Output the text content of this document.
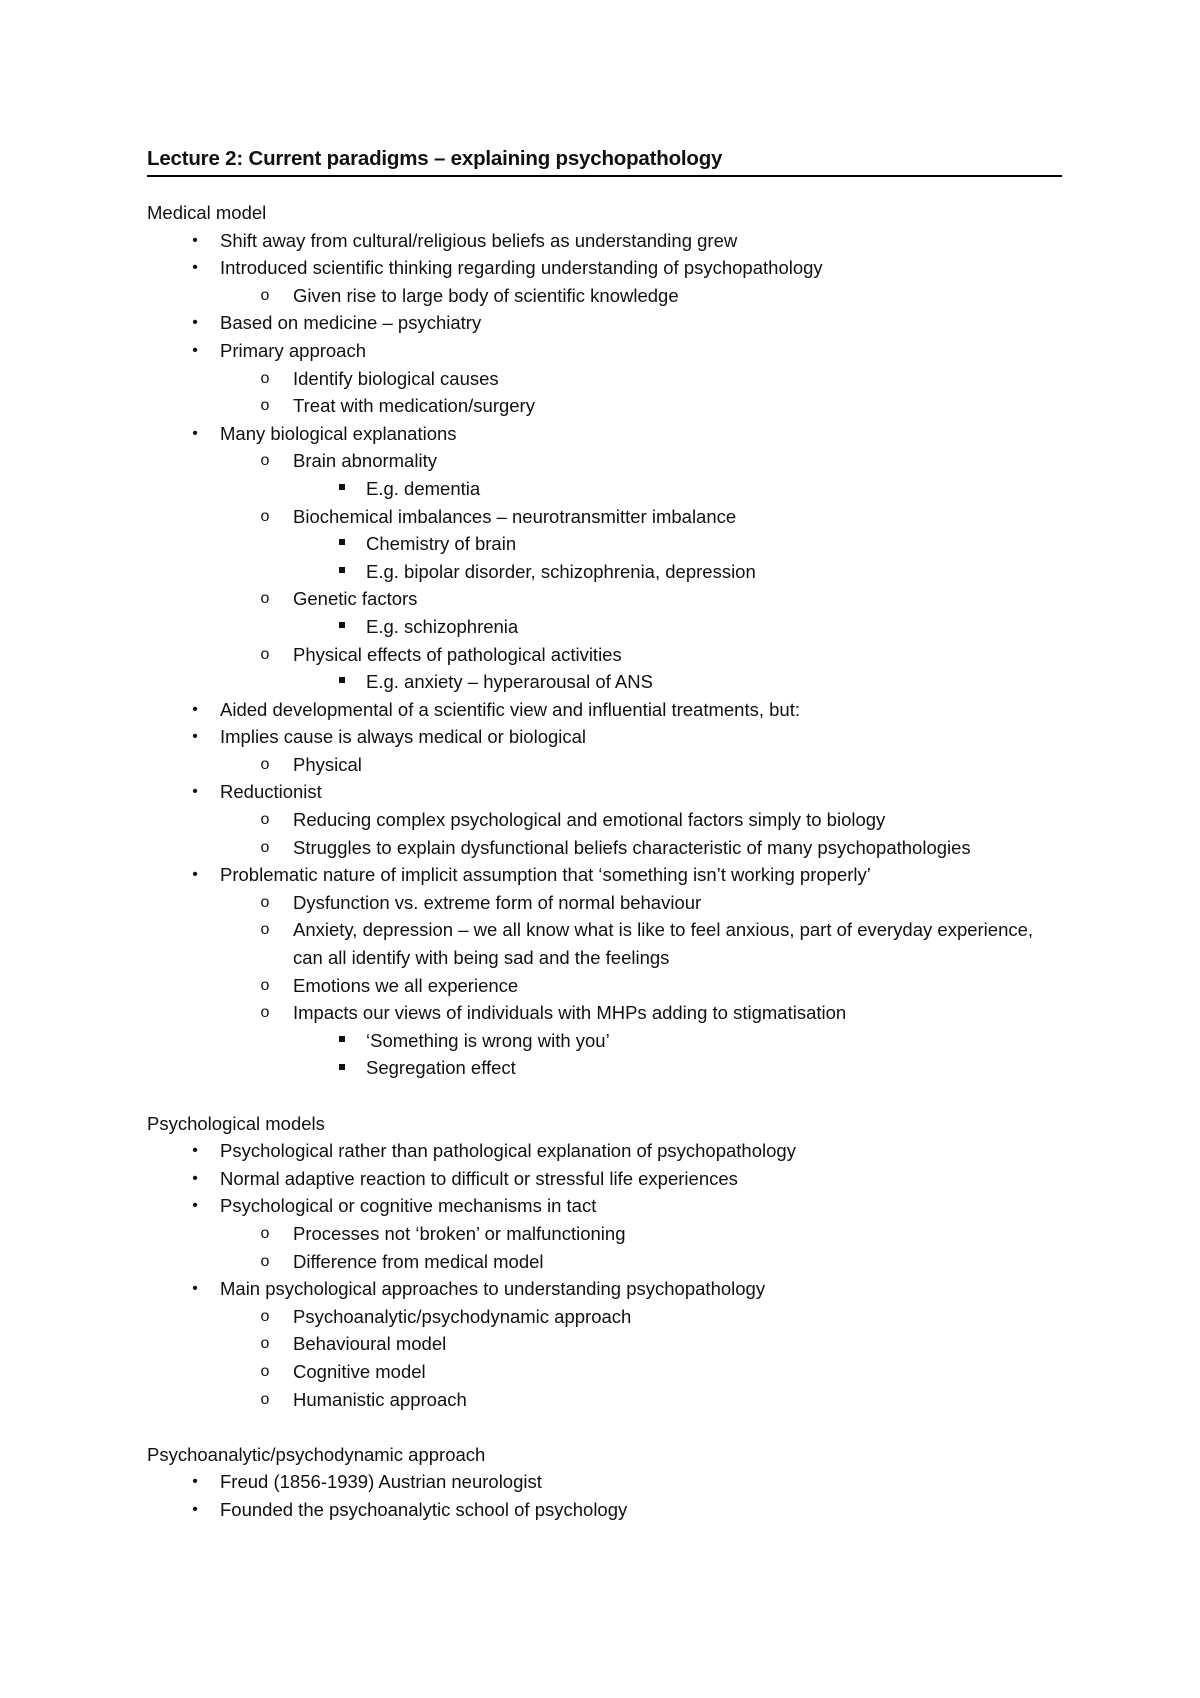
Lecture 2: Current paradigms – explaining psychopathology
Medical model
•	Shift away from cultural/religious beliefs as understanding grew
•	Introduced scientific thinking regarding understanding of psychopathology
o Given rise to large body of scientific knowledge
•	Based on medicine – psychiatry
•	Primary approach
o Identify biological causes
o Treat with medication/surgery
•	Many biological explanations
o Brain abnormality
E.g. dementia
o Biochemical imbalances – neurotransmitter imbalance
Chemistry of brain
E.g. bipolar disorder, schizophrenia, depression
o Genetic factors
E.g. schizophrenia
o Physical effects of pathological activities
E.g. anxiety – hyperarousal of ANS
•	Aided developmental of a scientific view and influential treatments, but:
•	Implies cause is always medical or biological
o Physical
•	Reductionist
o Reducing complex psychological and emotional factors simply to biology
o Struggles to explain dysfunctional beliefs characteristic of many psychopathologies
•	Problematic nature of implicit assumption that ‘something isn’t working properly’
o Dysfunction vs. extreme form of normal behaviour
o Anxiety, depression – we all know what is like to feel anxious, part of everyday experience, can all identify with being sad and the feelings
o Emotions we all experience
o Impacts our views of individuals with MHPs adding to stigmatisation
‘Something is wrong with you’
Segregation effect
Psychological models
•	Psychological rather than pathological explanation of psychopathology
•	Normal adaptive reaction to difficult or stressful life experiences
•	Psychological or cognitive mechanisms in tact
o Processes not ‘broken’ or malfunctioning
o Difference from medical model
•	Main psychological approaches to understanding psychopathology
o Psychoanalytic/psychodynamic approach
o Behavioural model
o Cognitive model
o Humanistic approach
Psychoanalytic/psychodynamic approach
•	Freud (1856-1939) Austrian neurologist
•	Founded the psychoanalytic school of psychology
